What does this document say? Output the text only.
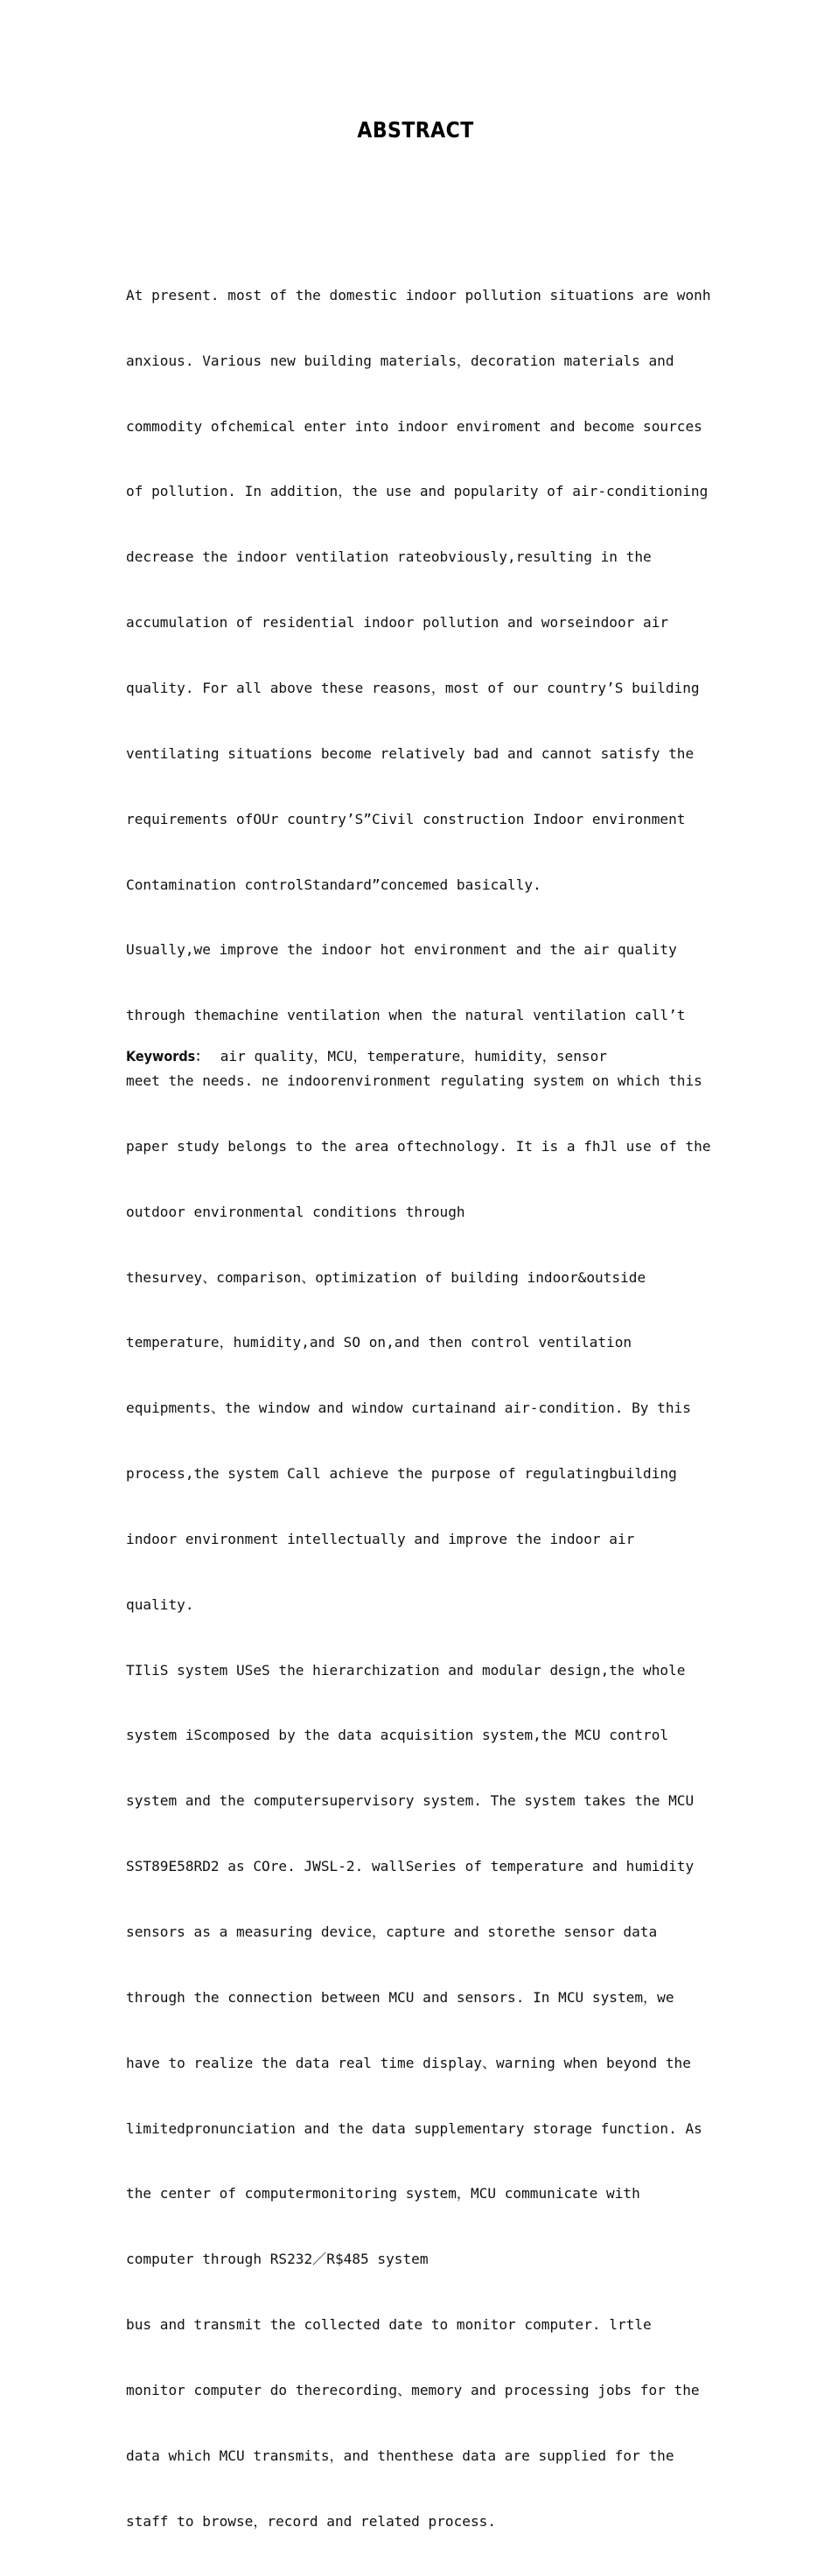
ABSTRACT

At present. most of the domestic indoor pollution situations are wonh

anxious. Various new building materials，decoration materials and

commodity ofchemical enter into indoor enviroment and become sources

of pollution. In addition，the use and popularity of air-conditioning

decrease the indoor ventilation rateobviously,resulting in the

accumulation of residential indoor pollution and worseindoor air

quality. For all above these reasons，most of our country’S building

ventilating situations become relatively bad and cannot satisfy the

requirements ofOUr country’S”Civil construction Indoor environment

Contamination controlStandard”concemed basically.

Usually,we improve the indoor hot environment and the air quality

through themachine ventilation when the natural ventilation call’t

meet the needs. ne indoorenvironment regulating system on which this

paper study belongs to the area oftechnology. It is a fhJl use of the

outdoor environmental conditions through

thesurvey、comparison、optimization of building indoor&outside

temperature，humidity,and SO on,and then control ventilation

equipments、the window and window curtainand air-condition. By this

process,the system Call achieve the purpose of regulatingbuilding

indoor environment intellectually and improve the indoor air

quality.

TIliS system USeS the hierarchization and modular design,the whole

system iScomposed by the data acquisition system,the MCU control

system and the computersupervisory system. The system takes the MCU

SST89E58RD2 as COre. JWSL-2. wallSeries of temperature and humidity

sensors as a measuring device，capture and storethe sensor data

through the connection between MCU and sensors. In MCU system，we

have to realize the data real time display、warning when beyond the

limitedpronunciation and the data supplementary storage function. As

the center of computermonitoring system，MCU communicate with

computer through RS232／R$485 system

bus and transmit the collected date to monitor computer. lrtle

monitor computer do therecording、memory and processing jobs for the

data which MCU transmits，and thenthese data are supplied for the

staff to browse，record and related process.

Keywords： air quality，MCU，temperature，humidity，sensor
